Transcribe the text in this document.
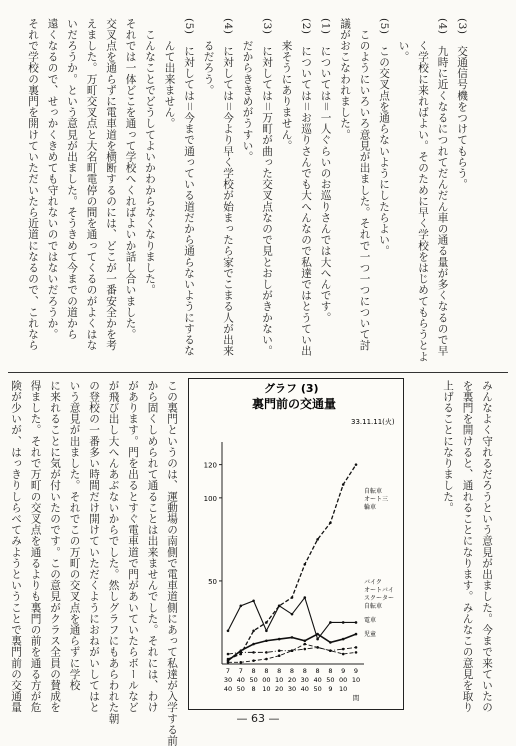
(3)　交通信号機をつけてもらう。
(4)　九時に近くなるにつれてだんだん車の通る量が多くなるので早
　　く学校に来ればよい。そのために早く学校をはじめてもらうとよ
　　い。
(5)　この交叉点を通らないようにしたらよい。
　このようにいろいろ意見が出ました。それで一つ一つについて討
議がおこなわれました。
(1)　については＝一人ぐらいのお巡りさんでは大へんです。
(2)　については＝お巡りさんでも大へんなので私達ではとうてい出
　　来そうにありません。
(3)　に対しては＝万町が曲った交叉点なので見とおしがきかない。
　　だからききめがうすい。
(4)　に対しては＝今より早く学校が始まったら家でこまる人が出来
　　るだろう。
(5)　に対しては＝今まで通っている道だから通らないようにするな
　　んて出来ません。
　こんなことでどうしてよいかわからなくなりました。
それでは一体どこを通って学校へくればよいか話し合いました。
交叉点を通らずに電車道を横断するのには、どこが一番安全かを考
えました。万町交叉点と大名町電停の間を通ってくるのがよくはな
いだろうか。という意見が出ました。そうきめて今までの道から
遠くなるので、せっかくきめても守れないのではないだろうか。
それで学校の裏門を開けていただいたら近道になるので、これなら
みんなよく守れるだろうという意見が出ました。今まで来ていたの
を裏門を開けると、通れることになります。みんなこの意見を取り
上げることになりました。
この裏門というのは、運動場の南側で電車道側にあって私達が入学する前
から固くしめられて通ることは出来ませんでした。それには、わけ
があります。門を出るとすぐ電車道で門があいていたらボールなど
が飛び出し大へんあぶないからでした。然しグラフにもあらわれた朝
の登校の一番多い時間だけ開けていただくようにおねがいしてはと
いう意見が出ました。それでこの万町の交叉点を通らずに学校
に来れることに気が付いたのです。この意見がクラス全員の賛成を
得ました。それで万町の交叉点を通るよりも裏門の前を通る方が危
険が少いが、はっきりしらべてみようということで裏門前の交通量	グラフ (3)
裏門前の交通量
33.11.11(火)
50
100
120
自転車
オート三
輪車
バイク
オートバイ
スクーター
自転車
電車
児童
7 7 8 8 8 8 8 8 8 9 9
30 40 50 00 10 20 30 40 50 00 10
40 50 8 10 20 30 40 50 9 10
間
— 63 —
